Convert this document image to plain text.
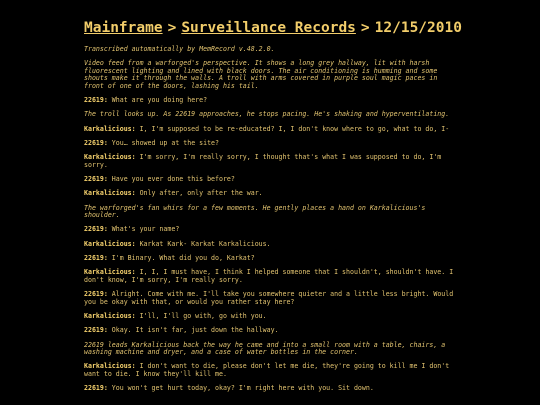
Mainframe > Surveillance Records > 12/15/2010

Transcribed automatically by MemRecord v.48.2.0.

Video feed from a warforged's perspective. It shows a long grey hallway, lit with harsh fluorescent lighting and lined with black doors. The air conditioning is humming and some shouts make it through the walls. A troll with arms covered in purple soul magic paces in front of one of the doors, lashing his tail.

22619: What are you doing here?

The troll looks up. As 22619 approaches, he stops pacing. He's shaking and hyperventilating.

Karkalicious: I, I'm supposed to be re-educated? I, I don't know where to go, what to do, I-

22619: You… showed up at the site?

Karkalicious: I'm sorry, I'm really sorry, I thought that's what I was supposed to do, I'm sorry.

22619: Have you ever done this before?

Karkalicious: Only after, only after the war.

The warforged's fan whirs for a few moments. He gently places a hand on Karkalicious's shoulder.

22619: What's your name?

Karkalicious: Karkat Kark- Karkat Karkalicious.

22619: I'm Binary. What did you do, Karkat?

Karkalicious: I, I, I must have, I think I helped someone that I shouldn't, shouldn't have. I don't know, I'm sorry, I'm really sorry.

22619: Alright. Come with me. I'll take you somewhere quieter and a little less bright. Would you be okay with that, or would you rather stay here?

Karkalicious: I'll, I'll go with, go with you.

22619: Okay. It isn't far, just down the hallway.

22619 leads Karkalicious back the way he came and into a small room with a table, chairs, a washing machine and dryer, and a case of water bottles in the corner.

Karkalicious: I don't want to die, please don't let me die, they're going to kill me I don't want to die. I know they'll kill me.

22619: You won't get hurt today, okay? I'm right here with you. Sit down.
